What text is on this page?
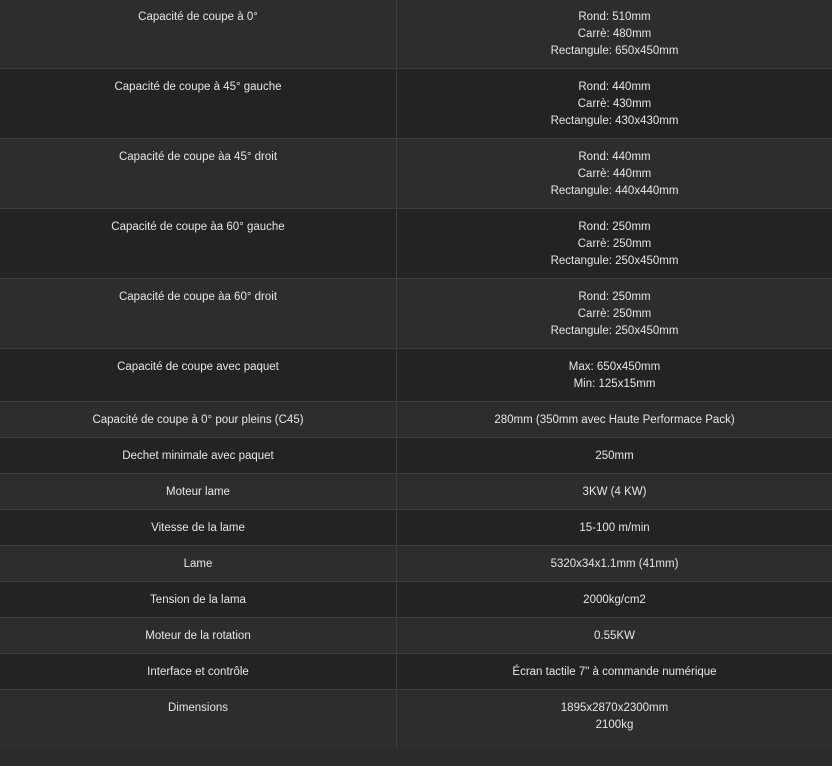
Capacité de coupe à 0°	Rond: 510mm
Carrè: 480mm
Rectangule: 650x450mm

Capacité de coupe à 45° gauche	Rond: 440mm
Carrè: 430mm
Rectangule: 430x430mm

Capacité de coupe àa 45° droit	Rond: 440mm
Carrè: 440mm
Rectangule: 440x440mm

Capacité de coupe àa 60° gauche	Rond: 250mm
Carrè: 250mm
Rectangule: 250x450mm

Capacité de coupe àa 60° droit	Rond: 250mm
Carrè: 250mm
Rectangule: 250x450mm

Capacité de coupe avec paquet	Max: 650x450mm
Min: 125x15mm

Capacité de coupe à 0° pour pleins (C45)	280mm (350mm avec Haute Performace Pack)
Dechet minimale avec paquet	250mm
Moteur lame	3KW (4 KW)
Vitesse de la lame	15-100 m/min
Lame	5320x34x1.1mm (41mm)
Tension de la lama	2000kg/cm2
Moteur de la rotation	0.55KW
Interface et contrôle	Écran tactile 7" à commande numérique
Dimensions	1895x2870x2300mm
2100kg
